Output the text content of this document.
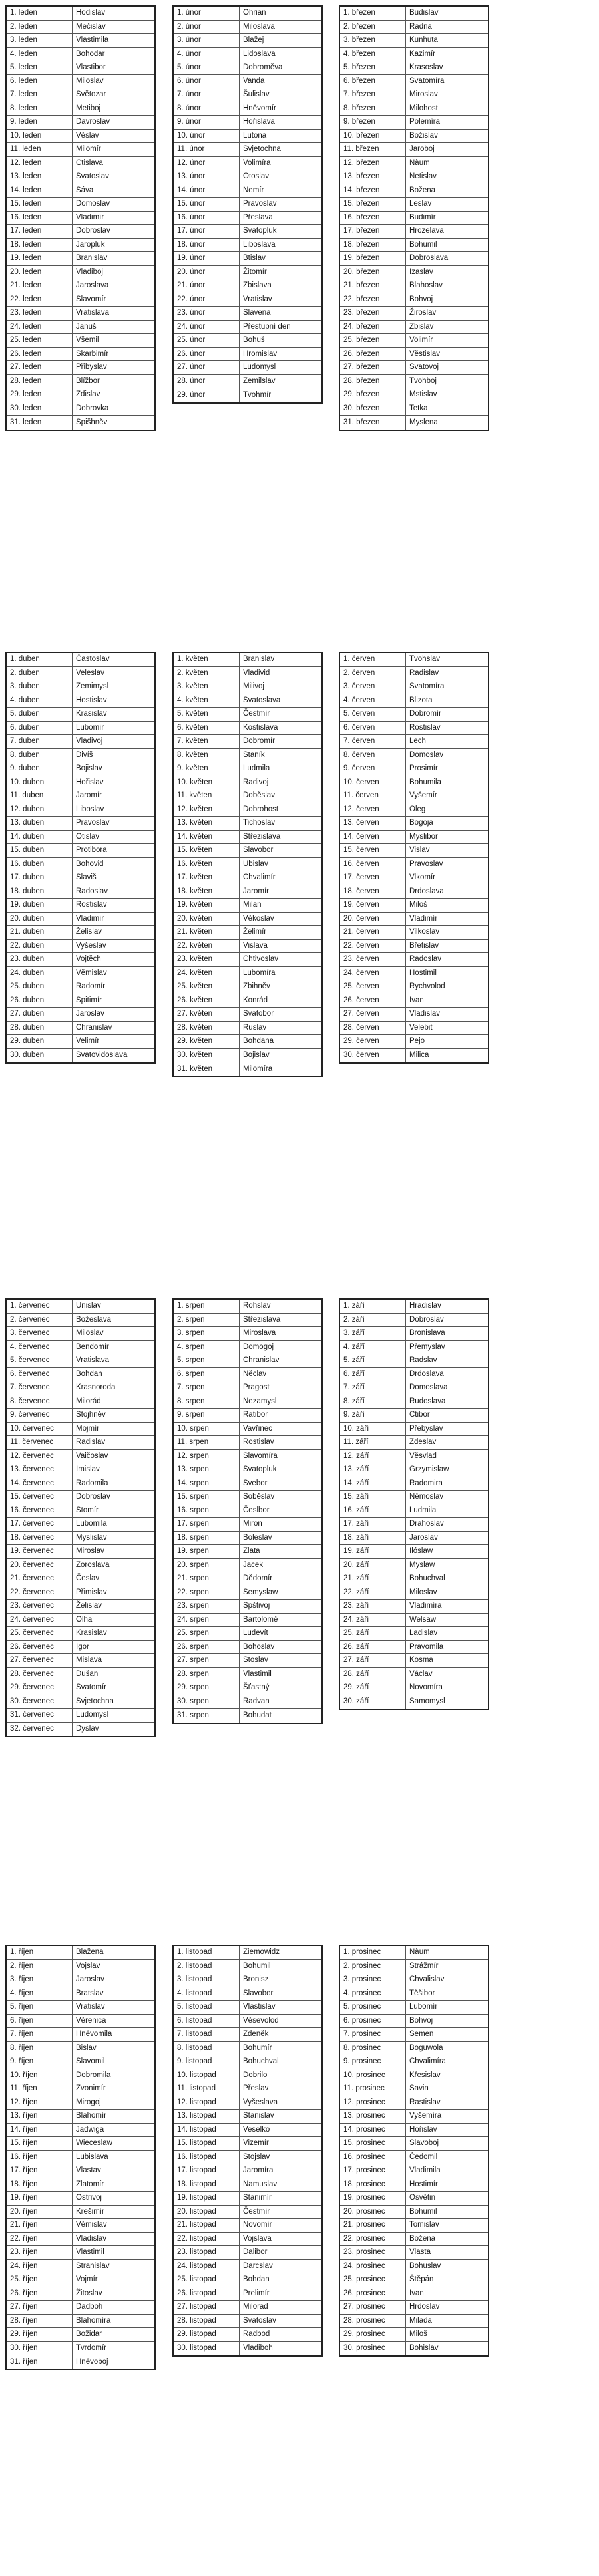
1. leden	Hodislav
2. leden	Mečislav
3. leden	Vlastimila
4. leden	Bohodar
5. leden	Vlastibor
6. leden	Miloslav
7. leden	Světozar
8. leden	Metiboj
9. leden	Davroslav
10. leden	Věslav
11. leden	Milomír
12. leden	Ctislava
13. leden	Svatoslav
14. leden	Sáva
15. leden	Domoslav
16. leden	Vladimír
17. leden	Dobroslav
18. leden	Jaropluk
19. leden	Branislav
20. leden	Vladiboj
21. leden	Jaroslava
22. leden	Slavomír
23. leden	Vratislava
24. leden	Januš
25. leden	Všemil
26. leden	Skarbimír
27. leden	Přibyslav
28. leden	Blížbor
29. leden	Zdislav
30. leden	Dobrovka
31. leden	Spišhněv
1. únor	Ohrian
2. únor	Miloslava
3. únor	Blažej
4. únor	Lidoslava
5. únor	Dobroměva
6. únor	Vanda
7. únor	Šulislav
8. únor	Hněvomír
9. únor	Hořislava
10. únor	Lutona
11. únor	Svjetochna
12. únor	Volimíra
13. únor	Otoslav
14. únor	Nemír
15. únor	Pravoslav
16. únor	Přeslava
17. únor	Svatopluk
18. únor	Liboslava
19. únor	Btislav
20. únor	Žitomír
21. únor	Zbislava
22. únor	Vratislav
23. únor	Slavena
24. únor	Přestupní den
25. únor	Bohuš
26. únor	Hromislav
27. únor	Ludomysl
28. únor	Zemilslav
29. únor	Tvohmír
1. březen	Budislav
2. březen	Radna
3. březen	Kunhuta
4. březen	Kazimír
5. březen	Krasoslav
6. březen	Svatomíra
7. březen	Miroslav
8. březen	Milohost
9. březen	Polemíra
10. březen	Božislav
11. březen	Jaroboj
12. březen	Nàum
13. březen	Netislav
14. březen	Božena
15. březen	Leslav
16. březen	Budimír
17. březen	Hrozelava
18. březen	Bohumil
19. březen	Dobroslava
20. březen	Izaslav
21. březen	Blahoslav
22. březen	Bohvoj
23. březen	Žiroslav
24. březen	Zbislav
25. březen	Volimír
26. březen	Věstislav
27. březen	Svatovoj
28. březen	Tvohboj
29. březen	Mstislav
30. březen	Tetka
31. březen	Myslena
1. duben	Častoslav
2. duben	Veleslav
3. duben	Zemimysl
4. duben	Hostislav
5. duben	Krasislav
6. duben	Lubomír
7. duben	Vladivoj
8. duben	Divíš
9. duben	Bojislav
10. duben	Hořislav
11. duben	Jaromír
12. duben	Liboslav
13. duben	Pravoslav
14. duben	Otislav
15. duben	Protibora
16. duben	Bohovid
17. duben	Slaviš
18. duben	Radoslav
19. duben	Rostislav
20. duben	Vladimír
21. duben	Želislav
22. duben	Vyšeslav
23. duben	Vojtěch
24. duben	Věmislav
25. duben	Radomír
26. duben	Spitimír
27. duben	Jaroslav
28. duben	Chranislav
29. duben	Velimír
30. duben	Svatovidoslava
1. květen	Branislav
2. květen	Vladivid
3. květen	Milivoj
4. květen	Svatoslava
5. květen	Čestmír
6. květen	Kostislava
7. květen	Dobromír
8. květen	Staník
9. květen	Ludmila
10. květen	Radivoj
11. květen	Doběslav
12. květen	Dobrohost
13. květen	Tichoslav
14. květen	Střezislava
15. květen	Slavobor
16. květen	Ubislav
17. květen	Chvalimír
18. květen	Jaromír
19. květen	Milan
20. květen	Věkoslav
21. květen	Želimír
22. květen	Vislava
23. květen	Chtivoslav
24. květen	Lubomíra
25. květen	Zbihněv
26. květen	Konrád
27. květen	Svatobor
28. květen	Ruslav
29. květen	Bohdana
30. květen	Bojislav
31. květen	Milomíra
1. červen	Tvohslav
2. červen	Radislav
3. červen	Svatomíra
4. červen	Blizota
5. červen	Dobromír
6. červen	Rostislav
7. červen	Lech
8. červen	Domoslav
9. červen	Prosimír
10. červen	Bohumila
11. červen	Vyšemír
12. červen	Oleg
13. červen	Bogoja
14. červen	Myslibor
15. červen	Vislav
16. červen	Pravoslav
17. červen	Vlkomír
18. červen	Drdoslava
19. červen	Miloš
20. červen	Vladimír
21. červen	Vilkoslav
22. červen	Břetislav
23. červen	Radoslav
24. červen	Hostimil
25. červen	Rychvolod
26. červen	Ivan
27. červen	Vladislav
28. červen	Velebit
29. červen	Pejo
30. červen	Milica
1. červenec	Unislav
2. červenec	Božeslava
3. červenec	Miloslav
4. červenec	Bendomír
5. červenec	Vratislava
6. červenec	Bohdan
7. červenec	Krasnoroda
8. červenec	Milorád
9. červenec	Stojhněv
10. červenec	Mojmír
11. červenec	Radislav
12. červenec	Vaičoslav
13. červenec	Imislav
14. červenec	Radomila
15. červenec	Dobroslav
16. červenec	Stomír
17. červenec	Lubomila
18. červenec	Myslislav
19. červenec	Miroslav
20. červenec	Zoroslava
21. červenec	Česlav
22. červenec	Přimislav
23. červenec	Želislav
24. červenec	Olha
25. červenec	Krasislav
26. červenec	Igor
27. červenec	Mislava
28. červenec	Dušan
29. červenec	Svatomír
30. červenec	Svjetochna
31. červenec	Ludomysl
32. červenec	Dyslav
1. srpen	Rohslav
2. srpen	Střezislava
3. srpen	Miroslava
4. srpen	Domogoj
5. srpen	Chranislav
6. srpen	Něclav
7. srpen	Pragost
8. srpen	Nezamysl
9. srpen	Ratibor
10. srpen	Vavřinec
11. srpen	Rostislav
12. srpen	Slavomíra
13. srpen	Svatopluk
14. srpen	Svebor
15. srpen	Soběslav
16. srpen	Česlbor
17. srpen	Miron
18. srpen	Boleslav
19. srpen	Zlata
20. srpen	Jacek
21. srpen	Dědomír
22. srpen	Semyslaw
23. srpen	Spštivoj
24. srpen	Bartolomě
25. srpen	Ludevít
26. srpen	Bohoslav
27. srpen	Stoslav
28. srpen	Vlastimil
29. srpen	Šťastný
30. srpen	Radvan
31. srpen	Bohudat
1. září	Hradislav
2. září	Dobroslav
3. září	Bronislava
4. září	Přemyslav
5. září	Radslav
6. září	Drdoslava
7. září	Domoslava
8. září	Rudoslava
9. září	Ctibor
10. září	Přebyslav
11. září	Zdeslav
12. září	Věsvlad
13. září	Grzymislaw
14. září	Radomira
15. září	Němoslav
16. září	Ludmila
17. září	Drahoslav
18. září	Jaroslav
19. září	Ilóslaw
20. září	Myslaw
21. září	Bohuchval
22. září	Miloslav
23. září	Vladimíra
24. září	Welsaw
25. září	Ladislav
26. září	Pravomila
27. září	Kosma
28. září	Václav
29. září	Novomíra
30. září	Samomysl
1. říjen	Blažena
2. říjen	Vojslav
3. říjen	Jaroslav
4. říjen	Bratslav
5. říjen	Vratislav
6. říjen	Věrenica
7. říjen	Hněvomila
8. říjen	Bislav
9. říjen	Slavomil
10. říjen	Dobromila
11. říjen	Zvonimír
12. říjen	Mirogoj
13. říjen	Blahomír
14. říjen	Jadwiga
15. říjen	Wieceslaw
16. říjen	Lubislava
17. říjen	Vlastav
18. říjen	Zlatomír
19. říjen	Ostrivoj
20. říjen	Krešimír
21. říjen	Věmislav
22. říjen	Vladislav
23. říjen	Vlastimil
24. říjen	Stranislav
25. říjen	Vojmír
26. říjen	Žitoslav
27. říjen	Dadboh
28. říjen	Blahomíra
29. říjen	Božidar
30. říjen	Tvrdomír
31. říjen	Hněvoboj
1. listopad	Ziemowidz
2. listopad	Bohumil
3. listopad	Bronisz
4. listopad	Slavobor
5. listopad	Vlastislav
6. listopad	Věsevolod
7. listopad	Zdeněk
8. listopad	Bohumír
9. listopad	Bohuchval
10. listopad	Dobrilo
11. listopad	Přeslav
12. listopad	Vyšeslava
13. listopad	Stanislav
14. listopad	Veselko
15. listopad	Vizemír
16. listopad	Stojslav
17. listopad	Jaromíra
18. listopad	Namuslav
19. listopad	Stanimír
20. listopad	Čestmír
21. listopad	Novomír
22. listopad	Vojslava
23. listopad	Dalibor
24. listopad	Darcslav
25. listopad	Bohdan
26. listopad	Prelimír
27. listopad	Milorad
28. listopad	Svatoslav
29. listopad	Radbod
30. listopad	Vladiboh
1. prosinec	Nàum
2. prosinec	Strážmír
3. prosinec	Chvalislav
4. prosinec	Těšibor
5. prosinec	Lubomír
6. prosinec	Bohvoj
7. prosinec	Semen
8. prosinec	Boguwola
9. prosinec	Chvalimíra
10. prosinec	Křesislav
11. prosinec	Savin
12. prosinec	Rastislav
13. prosinec	Vyšemíra
14. prosinec	Hořislav
15. prosinec	Slavoboj
16. prosinec	Čedomil
17. prosinec	Vladimila
18. prosinec	Hostimír
19. prosinec	Osvětin
20. prosinec	Bohumil
21. prosinec	Tomislav
22. prosinec	Božena
23. prosinec	Vlasta
24. prosinec	Bohuslav
25. prosinec	Štěpán
26. prosinec	Ivan
27. prosinec	Hrdoslav
28. prosinec	Milada
29. prosinec	Miloš
30. prosinec	Bohislav
